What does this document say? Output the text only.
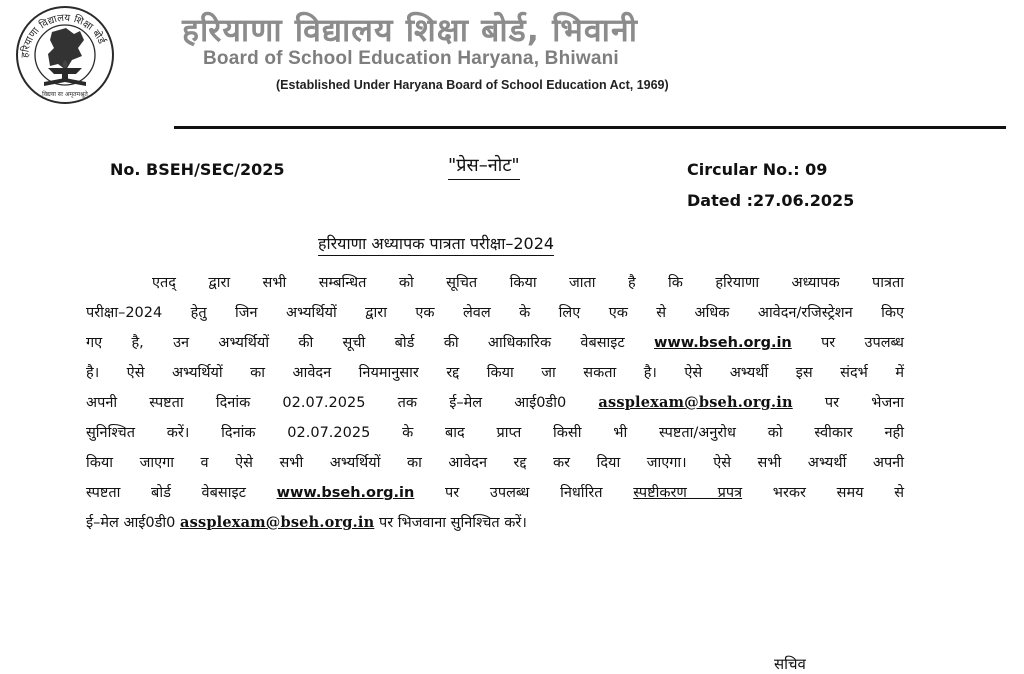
हरियाणा विद्यालय शिक्षा बोर्ड
विद्यया सः अमृतमश्नुते
हरियाणा विद्यालय शिक्षा बोर्ड, भिवानी
Board of School Education Haryana, Bhiwani
(Established Under Haryana Board of School Education Act, 1969)
No. BSEH/SEC/2025	"प्रेस–नोट"	Circular No.: 09
Dated :27.06.2025
हरियाणा अध्यापक पात्रता परीक्षा–2024
एतद् द्वारा सभी सम्बन्धित को सूचित किया जाता है कि हरियाणा अध्यापक पात्रता
परीक्षा–2024 हेतु जिन अभ्यर्थियों द्वारा एक लेवल के लिए एक से अधिक आवेदन/रजिस्ट्रेशन किए
गए है, उन अभ्यर्थियों की सूची बोर्ड की आधिकारिक वेबसाइट www.bseh.org.in पर उपलब्ध
है। ऐसे अभ्यर्थियों का आवेदन नियमानुसार रद्द किया जा सकता है। ऐसे अभ्यर्थी इस संदर्भ में
अपनी स्पष्टता दिनांक 02.07.2025 तक ई–मेल आई0डी0 assplexam@bseh.org.in पर भेजना
सुनिश्चित करें। दिनांक 02.07.2025 के बाद प्राप्त किसी भी स्पष्टता/अनुरोध को स्वीकार नही
किया जाएगा व ऐसे सभी अभ्यर्थियों का आवेदन रद्द कर दिया जाएगा। ऐसे सभी अभ्यर्थी अपनी
स्पष्टता बोर्ड वेबसाइट www.bseh.org.in पर उपलब्ध निर्धारित स्पष्टीकरण प्रपत्र भरकर समय से
ई–मेल आई0डी0 assplexam@bseh.org.in पर भिजवाना सुनिश्चित करें।
सचिव
